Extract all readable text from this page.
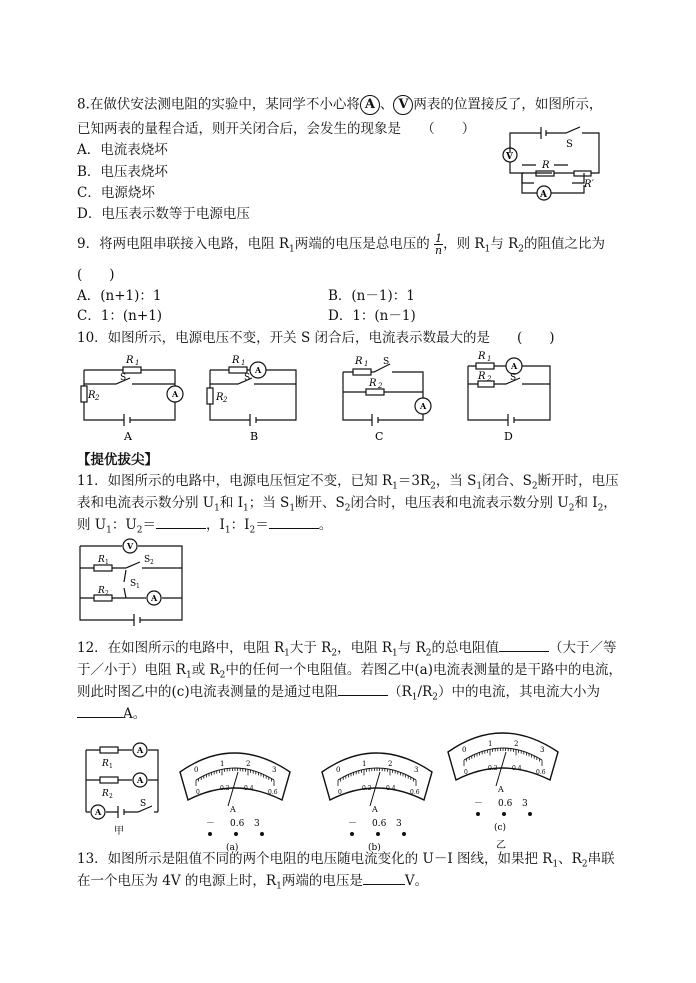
8.在做伏安法测电阻的实验中，某同学不小心将 A 、 V 两表的位置接反了，如图所示，
已知两表的量程合适，则开关闭合后，会发生的现象是　　（　　）
A．电流表烧坏
B．电压表烧坏
C．电源烧坏
D．电压表示数等于电源电压
S
R
R′
V
A
9．将两电阻串联接入电路，电阻 $R_1$两端的电压是总电压的 $\frac{1}{n}$ ，则 $R_1$与 $R_2$的阻值之比为
(　　)
A．(n+1)：1	B．(n－1)：1
C．1：(n+1)	D．1：(n－1)
10．如图所示，电源电压不变，开关 S 闭合后，电流表示数最大的是　　(　　)
R 1
R 2
R 1
R 2
R 1
R 2
R 1
R 2
S	S
S
S
A
A
A
A
A	B	C	D
【提优拔尖】
11．如图所示的电路中，电源电压恒定不变，已知 $R_1=3R_2$，当 $S_1$闭合、$S_2$断开时，电压
表和电流表示数分别 $U_1$和 $I_1$；当 $S_1$断开、$S_2$闭合时，电压表和电流表示数分别 $U_2$和 $I_2$，
则 $U_1$：$U_2=$	，$I_1$：$I_2=$	。
V
A
R 1
R 2
S 2
S 1
12．在如图所示的电路中，电阻 $R_1$大于 $R_2$，电阻 $R_1$与 $R_2$的总电阻值	（大于／等
于／小于）电阻 $R_1$或 $R_2$中的任何一个电阻值。若图乙中(a)电流表测量的是干路中的电流，
则此时图乙中的(c)电流表测量的是通过电阻	$(R_1/R_2)$中的电流，其电流大小为
A。
A
A
A
R 1
R 2
S
甲
0
1	2
3
0
0.2 0.4
0.6
A
－ 0.6 3
(a)
0
1	2
3
0
0.2 0.4
0.6
A
－ 0.6 3
(b)
0
1	2
3
0
0.2 0.4
0.6
A
－ 0.6 3
(c)
乙
13．如图所示是阻值不同的两个电阻的电压随电流变化的 U－I 图线，如果把 $R_1$、$R_2$串联
在一个电压为 4V 的电源上时，$R_1$两端的电压是	V。
